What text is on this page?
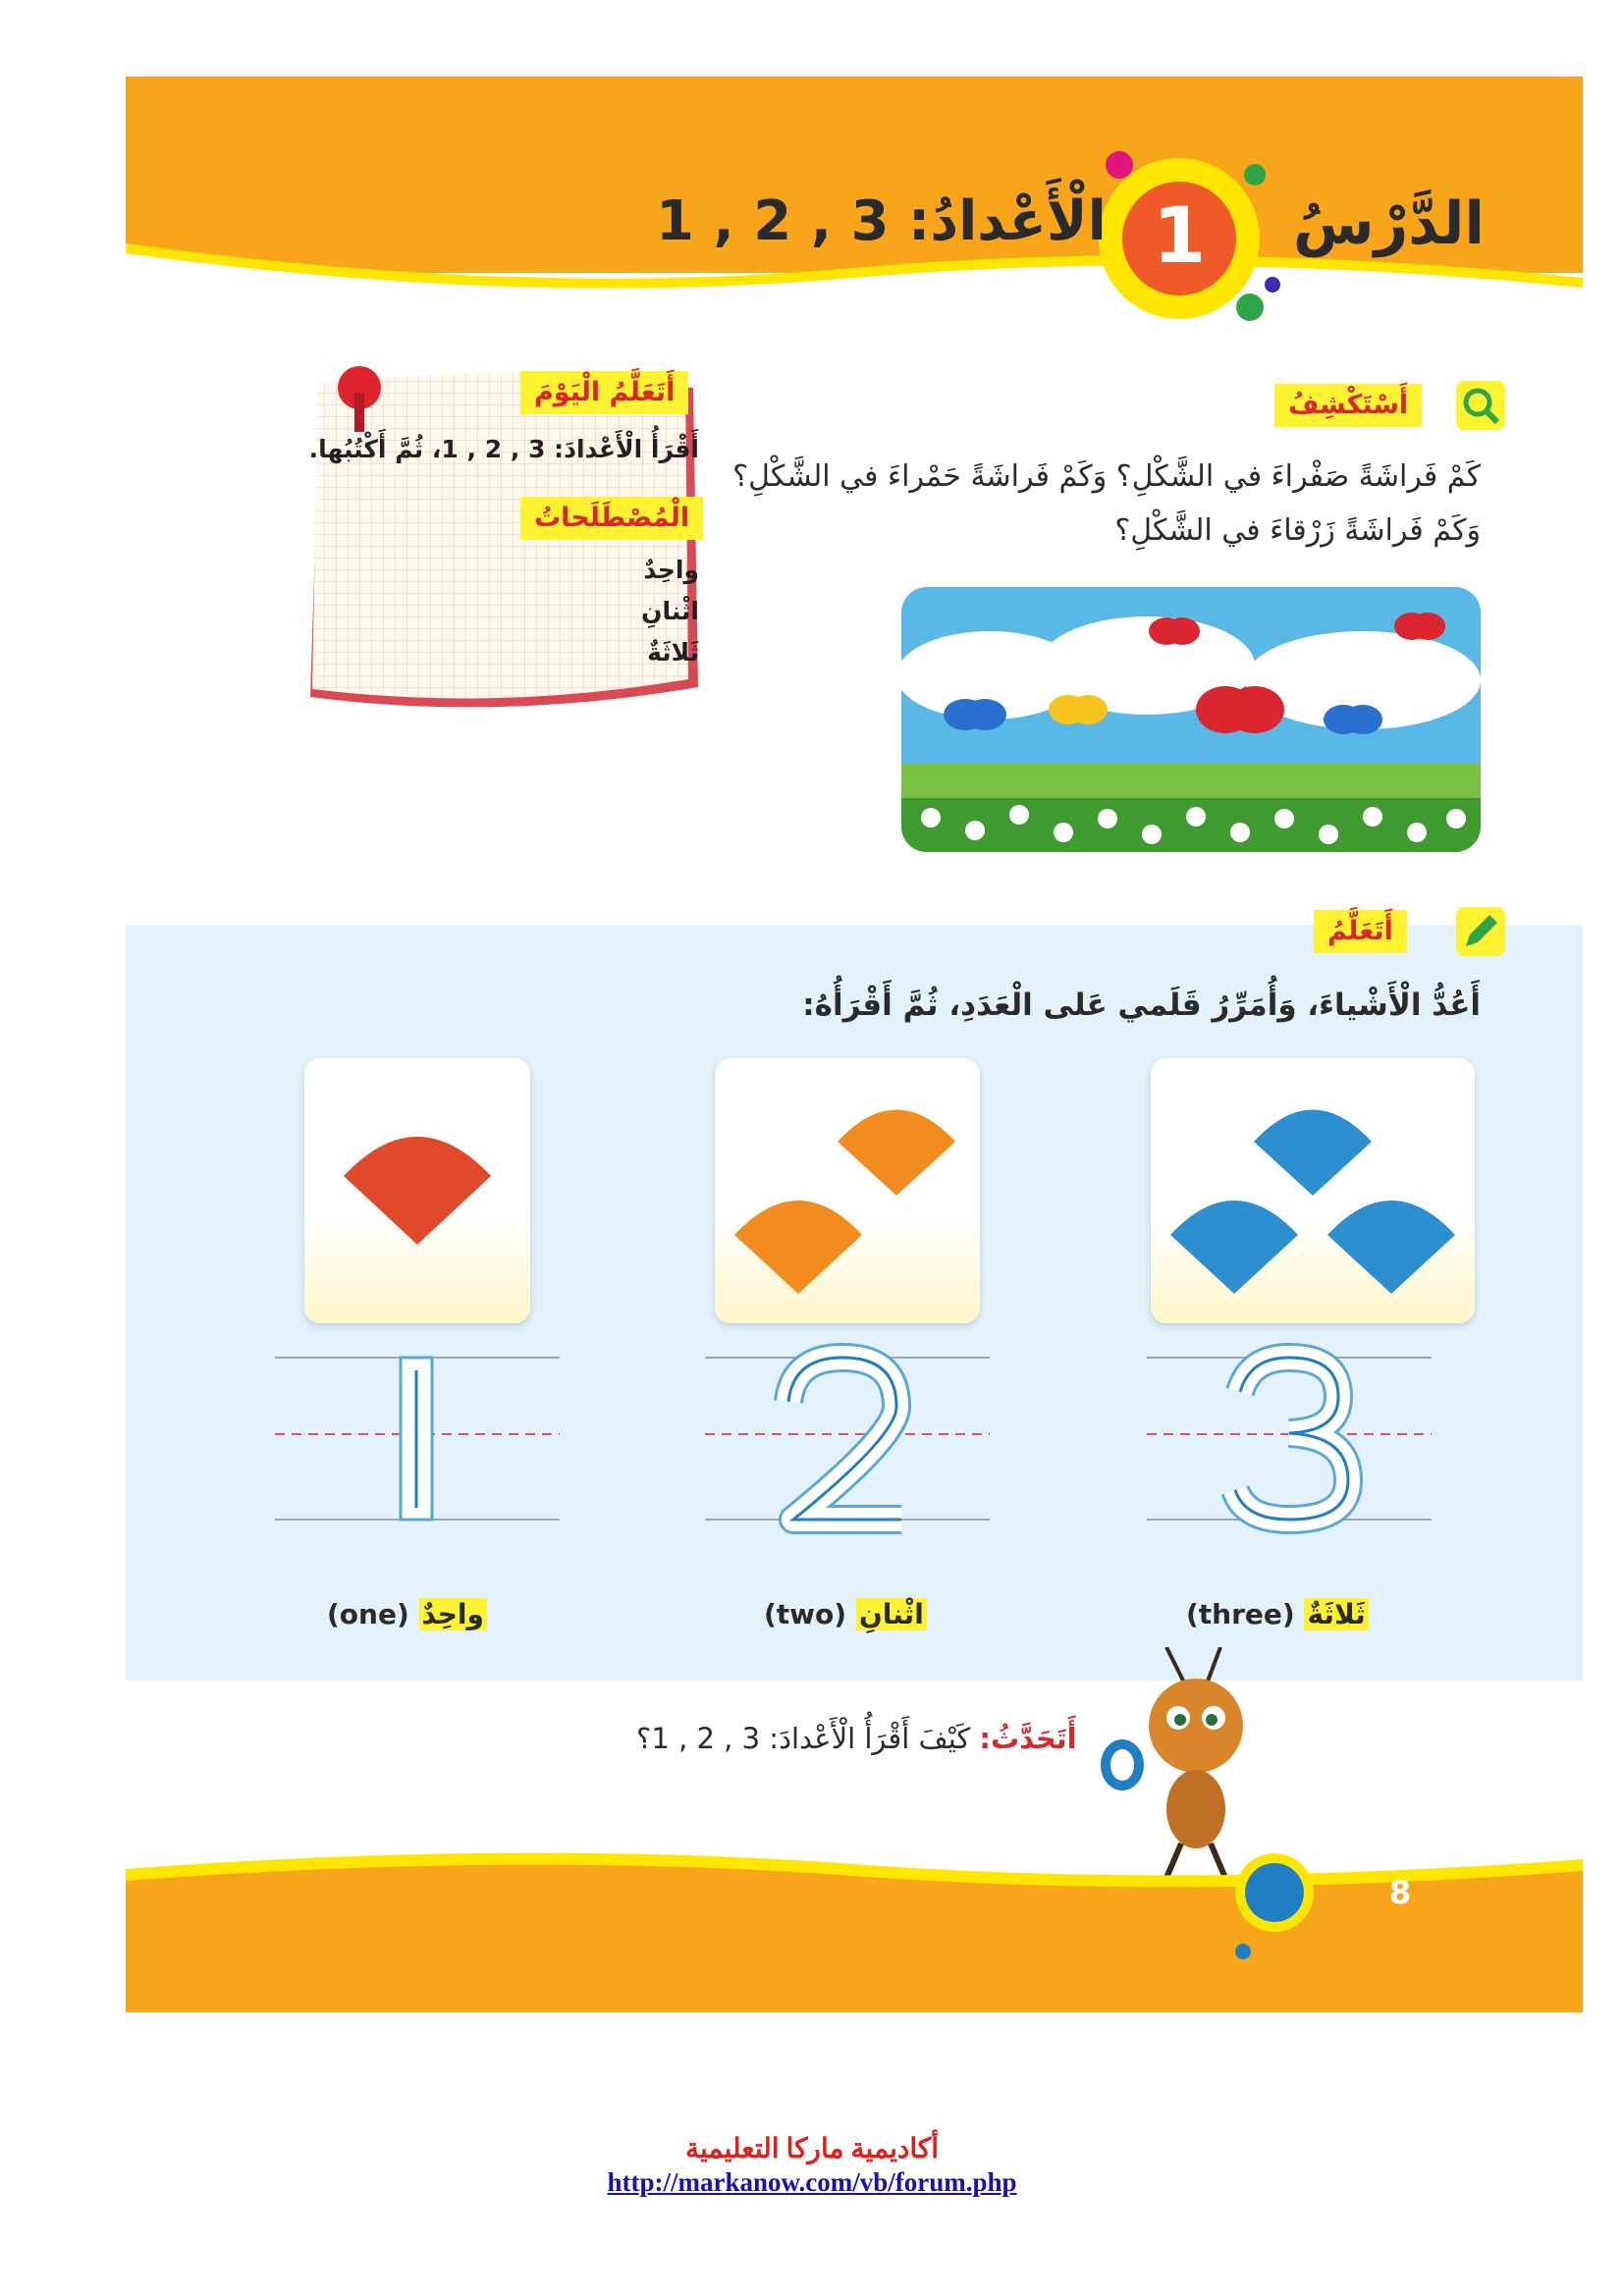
الدَّرْسُ
1
الْأَعْدادُ: 3 , 2 , 1
أَتَعَلَّمُ الْيَوْمَ
أَقْرَأُ الْأَعْدادَ: 3 , 2 , 1، ثُمَّ أَكْتُبُها.
الْمُصْطَلَحاتُ
واحِدٌ
اثْنانِ
ثَلاثَةٌ
أَسْتَكْشِفُ
كَمْ فَراشَةً صَفْراءَ في الشَّكْلِ؟ وَكَمْ فَراشَةً حَمْراءَ في الشَّكْلِ؟
وَكَمْ فَراشَةً زَرْقاءَ في الشَّكْلِ؟
أَتَعَلَّمُ
أَعُدُّ الْأَشْياءَ، وَأُمَرِّرُ قَلَمي عَلى الْعَدَدِ، ثُمَّ أَقْرَأُهُ:
(one) واحِدٌ	(two) اثْنانِ	(three) ثَلاثَةٌ
أَتَحَدَّثُ: كَيْفَ أَقْرَأُ الْأَعْدادَ: 3 , 2 , 1؟
8
أكاديمية ماركا التعليمية
http://markanow.com/vb/forum.php
